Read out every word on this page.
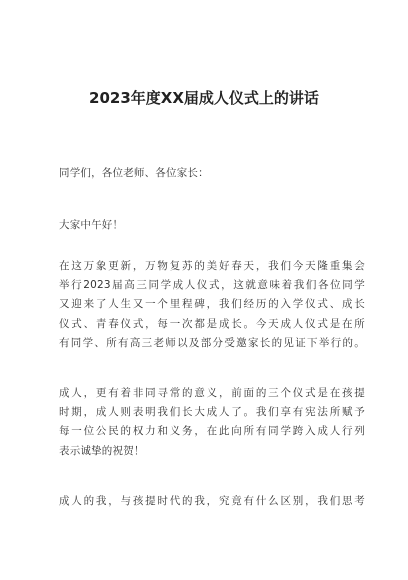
2023年度XX届成人仪式上的讲话

同学们，各位老师、各位家长：

大家中午好！

在这万象更新，万物复苏的美好春天，我们今天隆重集会
举行2023届高三同学成人仪式，这就意味着我们各位同学
又迎来了人生又一个里程碑，我们经历的入学仪式、成长
仪式、青春仪式，每一次都是成长。今天成人仪式是在所
有同学、所有高三老师以及部分受邀家长的见证下举行的。

成人，更有着非同寻常的意义，前面的三个仪式是在孩提
时期，成人则表明我们长大成人了。我们享有宪法所赋予
每一位公民的权力和义务，在此向所有同学跨入成人行列
表示诚挚的祝贺！

成人的我，与孩提时代的我，究竟有什么区别，我们思考
